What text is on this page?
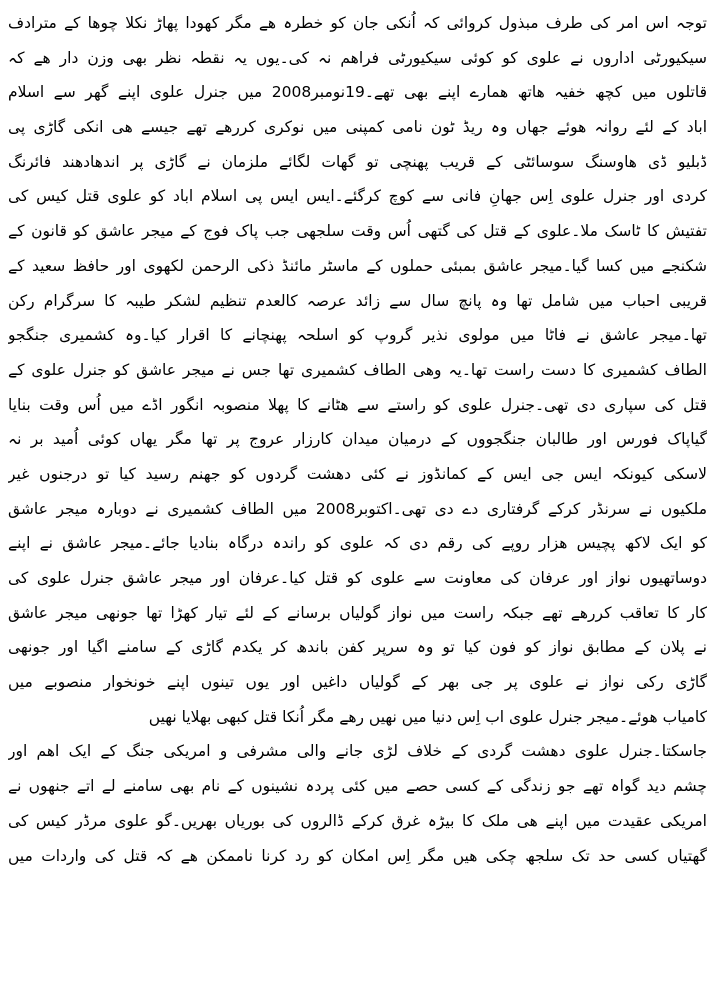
توجہ اس امر کی طرف مبذول کروائی کہ اُنکی جان کو خطرہ ھے مگر کھودا پھاڑ نکلا چوھا کے مترادف
سیکیورٹی اداروں نے علوی کو کوئی سیکیورٹی فراھم نہ کی۔یوں یہ نقطہ نظر بھی وزن دار ھے کہ
قاتلوں میں کچھ خفیہ ھاتھ ھمارے اپنے بھی تھے۔19نومبر2008 میں جنرل علوی اپنے گھر سے اسلام
اباد کے لئے روانہ ھوئے جھاں وہ ریڈ ٹون نامی کمپنی میں نوکری کررھے تھے جیسے ھی انکی گاڑی پی
ڈبلیو ڈی ھاوسنگ سوسائٹی کے قریب پھنچی تو گھات لگائے ملزمان نے گاڑی پر اندھادھند فائرنگ
کردی اور جنرل علوی اِس جھانِ فانی سے کوچ کرگئے۔ایس ایس پی اسلام اباد کو علوی قتل کیس کی
تفتیش کا ٹاسک ملا۔علوی کے قتل کی گتھی اُس وقت سلجھی جب پاک فوج کے میجر عاشق کو قانون کے
شکنجے میں کسا گیا۔میجر عاشق بمبئی حملوں کے ماسٹر مائنڈ ذکی الرحمن لکھوی اور حافظ سعید کے
قریبی احباب میں شامل تھا وہ پانچ سال سے زائد عرصہ کالعدم تنظیم لشکر طیبہ کا سرگرام رکن
تھا۔میجر عاشق نے فاٹا میں مولوی نذیر گروپ کو اسلحہ پھنچانے کا اقرار کیا۔وہ کشمیری جنگجو
الطاف کشمیری کا دست راست تھا۔یہ وھی الطاف کشمیری تھا جس نے میجر عاشق کو جنرل علوی کے
قتل کی سپاری دی تھی۔جنرل علوی کو راستے سے ھٹانے کا پھلا منصوبہ انگور اڈے میں اُس وقت بنایا
گیاپاک فورس اور طالبان جنگجووں کے درمیان میدان کارزار عروج پر تھا مگر یھاں کوئی اُمید بر نہ
لاسکی کیونکہ ایس جی ایس کے کمانڈوز نے کئی دھشت گردوں کو جھنم رسید کیا تو درجنوں غیر
ملکیوں نے سرنڈر کرکے گرفتاری دے دی تھی۔اکتوبر2008 میں الطاف کشمیری نے دوبارہ میجر عاشق
کو ایک لاکھ پچیس ھزار روپے کی رقم دی کہ علوی کو راندہ درگاہ بنادیا جائے۔میجر عاشق نے اپنے
دوساتھیوں نواز اور عرفان کی معاونت سے علوی کو قتل کیا۔عرفان اور میجر عاشق جنرل علوی کی
کار کا تعاقب کررھے تھے جبکہ راست میں نواز گولیاں برسانے کے لئے تیار کھڑا تھا جونھی میجر عاشق
نے پلان کے مطابق نواز کو فون کیا تو وہ سرپر کفن باندھ کر یکدم گاڑی کے سامنے اگیا اور جونھی
گاڑی رکی نواز نے علوی پر جی بھر کے گولیاں داغیں اور یوں تینوں اپنے خونخوار منصوبے میں
کامیاب ھوئے۔میجر جنرل علوی اب اِس دنیا میں نھیں رھے مگر اُنکا قتل کبھی بھلایا نھیں
جاسکتا۔جنرل علوی دھشت گردی کے خلاف لڑی جانے والی مشرفی و امریکی جنگ کے ایک اھم اور
چشم دید گواہ تھے جو زندگی کے کسی حصے میں کئی پردہ نشینوں کے نام بھی سامنے لے اتے جنھوں نے
امریکی عقیدت میں اپنے ھی ملک کا بیڑہ غرق کرکے ڈالروں کی بوریاں بھریں۔گو علوی مرڈر کیس کی
گھتیاں کسی حد تک سلجھ چکی ھیں مگر اِس امکان کو رد کرنا ناممکن ھے کہ قتل کی واردات میں
